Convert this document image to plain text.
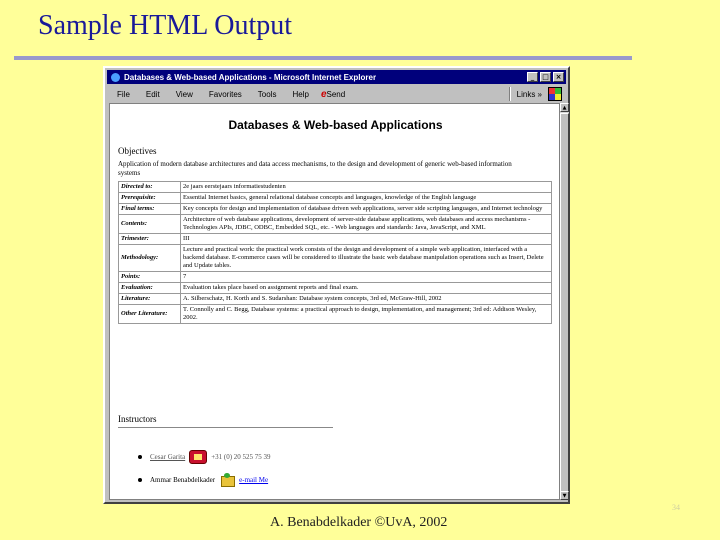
Sample HTML Output
Databases & Web-based Applications - Microsoft Internet Explorer	_	□ ×
File Edit View Favorites Tools Help e Send	Links »
Databases & Web-based Applications
Objectives
Application of modern database architectures and data access mechanisms, to the design and development of generic web-based information systems
Directed to:	2e jaars eerstejaars informatiestudenten
Prerequisite:	Essential Internet basics, general relational database concepts and languages, knowledge of the English language
Final terms:	Key concepts for design and implementation of database driven web applications, server side scripting languages, and Internet technology
Contents:	Architecture of web database applications, development of server-side database applications, web databases and access mechanisms - Technologies APIs, JDBC, ODBC, Embedded SQL, etc. - Web languages and standards: Java, JavaScript, and XML
Trimester:	III
Methodology:	Lecture and practical work: the practical work consists of the design and development of a simple web application, interfaced with a backend database. E-commerce cases will be considered to illustrate the basic web database manipulation operations such as Insert, Delete and Update tables.
Points:	7
Evaluation:	Evaluation takes place based on assignment reports and final exam.
Literature:	A. Silberschatz, H. Korth and S. Sudarshan: Database system concepts, 3rd ed, McGraw-Hill, 2002
Other Literature:	T. Connolly and C. Begg, Database systems: a practical approach to design, implementation, and management; 3rd ed: Addison Wesley, 2002.
Instructors
Cesar Garita	+31 (0) 20 525 75 39
Ammar Benabdelkader	e-mail Me
▲
▼
34
A. Benabdelkader ©UvA, 2002
